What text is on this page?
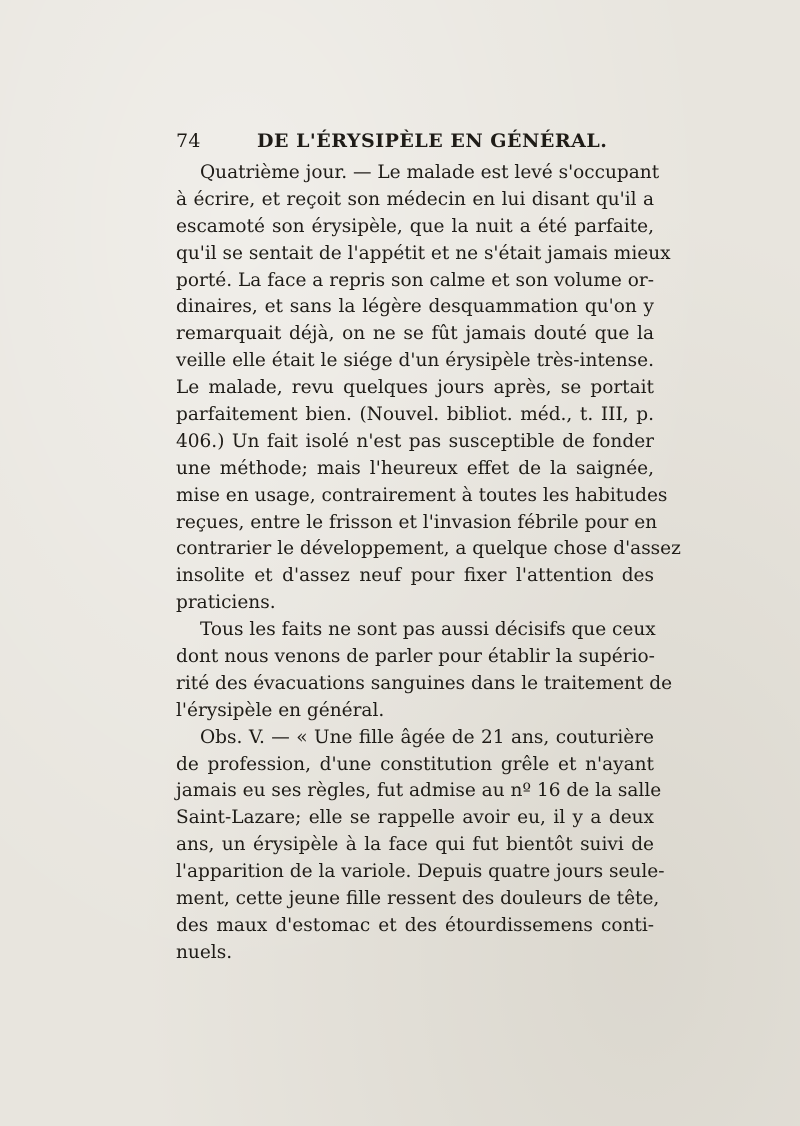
74	DE L'ÉRYSIPÈLE EN GÉNÉRAL.
Quatrième jour. — Le malade est levé s'occupant
à écrire, et reçoit son médecin en lui disant qu'il a
escamoté son érysipèle, que la nuit a été parfaite,
qu'il se sentait de l'appétit et ne s'était jamais mieux
porté. La face a repris son calme et son volume or-
dinaires, et sans la légère desquammation qu'on y
remarquait déjà, on ne se fût jamais douté que la
veille elle était le siége d'un érysipèle très-intense.
Le malade, revu quelques jours après, se portait
parfaitement bien. (Nouvel. bibliot. méd., t. III, p.
406.) Un fait isolé n'est pas susceptible de fonder
une méthode; mais l'heureux effet de la saignée,
mise en usage, contrairement à toutes les habitudes
reçues, entre le frisson et l'invasion fébrile pour en
contrarier le développement, a quelque chose d'assez
insolite et d'assez neuf pour fixer l'attention des
praticiens.
Tous les faits ne sont pas aussi décisifs que ceux
dont nous venons de parler pour établir la supério-
rité des évacuations sanguines dans le traitement de
l'érysipèle en général.
Obs. V. — « Une fille âgée de 21 ans, couturière
de profession, d'une constitution grêle et n'ayant
jamais eu ses règles, fut admise au nº 16 de la salle
Saint-Lazare; elle se rappelle avoir eu, il y a deux
ans, un érysipèle à la face qui fut bientôt suivi de
l'apparition de la variole. Depuis quatre jours seule-
ment, cette jeune fille ressent des douleurs de tête,
des maux d'estomac et des étourdissemens conti-
nuels.
